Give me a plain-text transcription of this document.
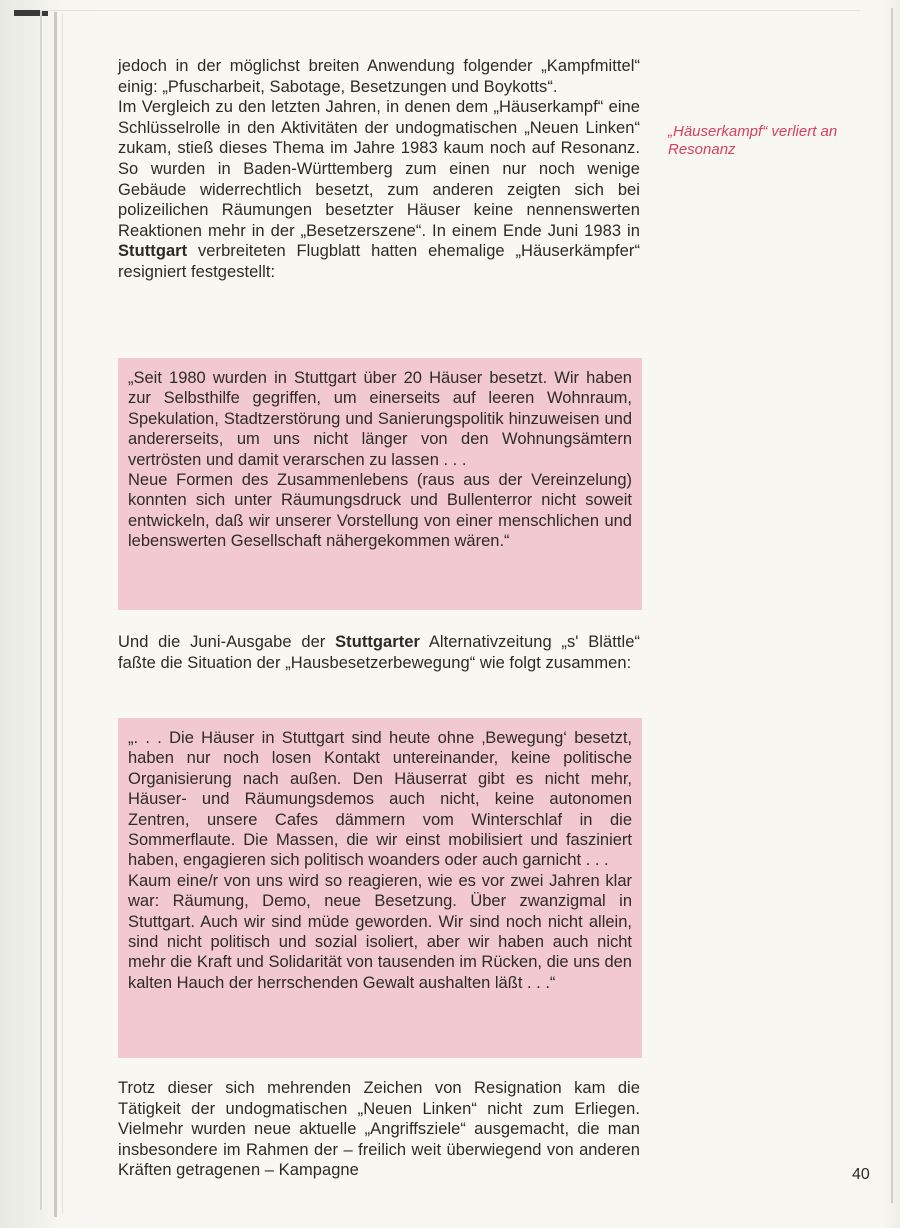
jedoch in der möglichst breiten Anwendung folgender „Kampfmittel“ einig: „Pfuscharbeit, Sabotage, Besetzungen und Boykotts“.

Im Vergleich zu den letzten Jahren, in denen dem „Häuserkampf“ eine Schlüsselrolle in den Aktivitäten der undogmatischen „Neuen Linken“ zukam, stieß dieses Thema im Jahre 1983 kaum noch auf Resonanz. So wurden in Baden-Württemberg zum einen nur noch wenige Gebäude widerrechtlich besetzt, zum anderen zeigten sich bei polizeilichen Räumungen besetzter Häuser keine nennenswerten Reaktionen mehr in der „Besetzerszene“. In einem Ende Juni 1983 in Stuttgart verbreiteten Flugblatt hatten ehemalige „Häuserkämpfer“ resigniert festgestellt:

„Häuserkampf“ verliert an Resonanz

„Seit 1980 wurden in Stuttgart über 20 Häuser besetzt. Wir haben zur Selbsthilfe gegriffen, um einerseits auf leeren Wohnraum, Spekulation, Stadtzerstörung und Sanierungspolitik hinzuweisen und andererseits, um uns nicht länger von den Wohnungsämtern vertrösten und damit verarschen zu lassen . . .

Neue Formen des Zusammenlebens (raus aus der Vereinzelung) konnten sich unter Räumungsdruck und Bullenterror nicht soweit entwickeln, daß wir unserer Vorstellung von einer menschlichen und lebenswerten Gesellschaft nähergekommen wären.“

Und die Juni-Ausgabe der Stuttgarter Alternativzeitung „s' Blättle“ faßte die Situation der „Hausbesetzerbewegung“ wie folgt zusammen:

„. . . Die Häuser in Stuttgart sind heute ohne ‚Bewegung‘ besetzt, haben nur noch losen Kontakt untereinander, keine politische Organisierung nach außen. Den Häuserrat gibt es nicht mehr, Häuser- und Räumungsdemos auch nicht, keine autonomen Zentren, unsere Cafes dämmern vom Winterschlaf in die Sommerflaute. Die Massen, die wir einst mobilisiert und fasziniert haben, engagieren sich politisch woanders oder auch garnicht . . .

Kaum eine/r von uns wird so reagieren, wie es vor zwei Jahren klar war: Räumung, Demo, neue Besetzung. Über zwanzigmal in Stuttgart. Auch wir sind müde geworden. Wir sind noch nicht allein, sind nicht politisch und sozial isoliert, aber wir haben auch nicht mehr die Kraft und Solidarität von tausenden im Rücken, die uns den kalten Hauch der herrschenden Gewalt aushalten läßt . . .“

Trotz dieser sich mehrenden Zeichen von Resignation kam die Tätigkeit der undogmatischen „Neuen Linken“ nicht zum Erliegen. Vielmehr wurden neue aktuelle „Angriffsziele“ ausgemacht, die man insbesondere im Rahmen der – freilich weit überwiegend von anderen Kräften getragenen – Kampagne	40
